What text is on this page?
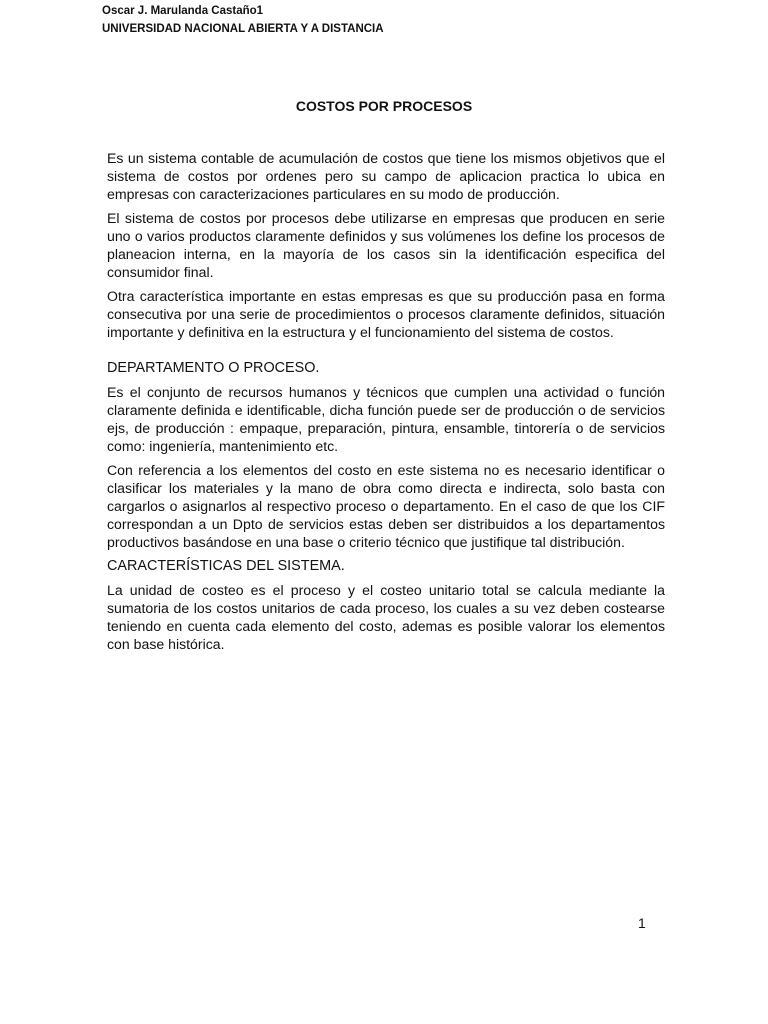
Oscar J. Marulanda Castaño1
UNIVERSIDAD NACIONAL ABIERTA Y A DISTANCIA
COSTOS POR PROCESOS

Es un sistema contable de acumulación de costos que tiene los mismos objetivos que el sistema de costos por ordenes pero su campo de aplicacion practica lo ubica en empresas con caracterizaciones particulares en su modo de producción.

El sistema de costos por procesos debe utilizarse en empresas que producen en serie uno o varios productos claramente definidos y sus volúmenes los define los procesos de planeacion interna, en la mayoría de los casos sin la identificación especifica del consumidor final.

Otra característica importante en estas empresas es que su producción pasa en forma consecutiva por una serie de procedimientos o procesos claramente definidos, situación importante y definitiva en la estructura y el funcionamiento del sistema de costos.

DEPARTAMENTO O PROCESO.

Es el conjunto de recursos humanos y técnicos que cumplen una actividad o función claramente definida e identificable, dicha función puede ser de producción o de servicios ejs, de producción : empaque, preparación, pintura, ensamble, tintorería o de servicios como: ingeniería, mantenimiento etc.

Con referencia a los elementos del costo en este sistema no es necesario identificar o clasificar los materiales y la mano de obra como directa e indirecta, solo basta con cargarlos o asignarlos al respectivo proceso o departamento. En el caso de que los CIF correspondan a un Dpto de servicios estas deben ser distribuidos a los departamentos productivos basándose en una base o criterio técnico que justifique tal distribución.

CARACTERÍSTICAS DEL SISTEMA.

La unidad de costeo es el proceso y el costeo unitario total se calcula mediante la sumatoria de los costos unitarios de cada proceso, los cuales a su vez deben costearse teniendo en cuenta cada elemento del costo, ademas es posible valorar los elementos con base histórica.

1
